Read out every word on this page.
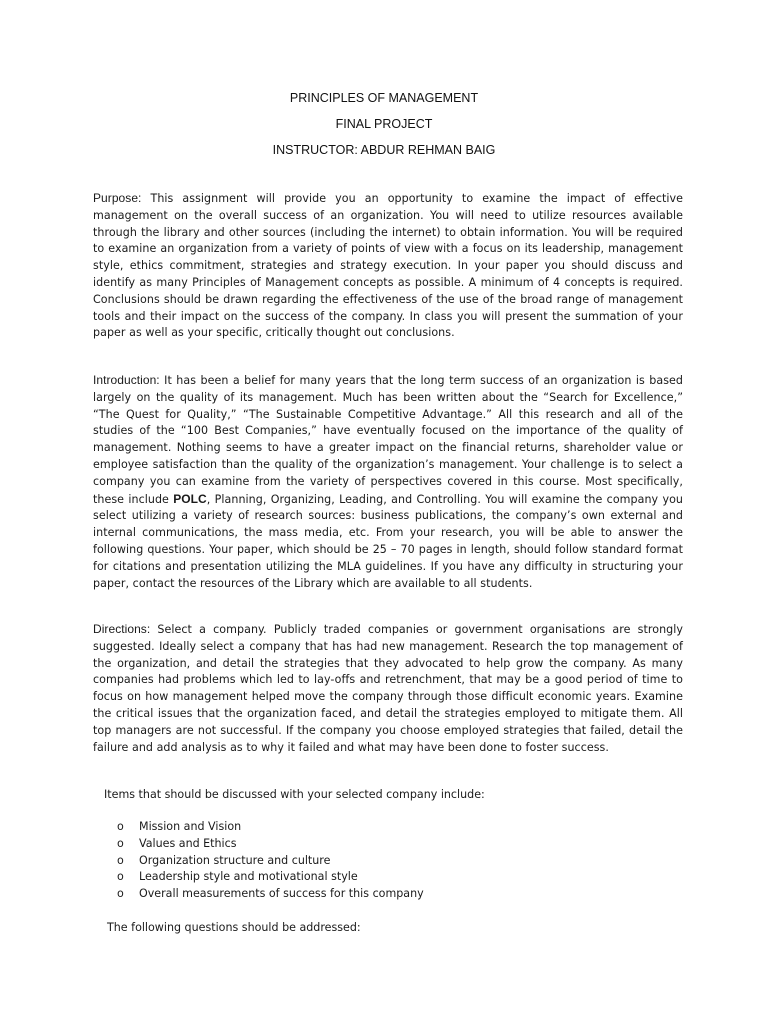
PRINCIPLES OF MANAGEMENT
FINAL PROJECT
INSTRUCTOR: ABDUR REHMAN BAIG

Purpose: This assignment will provide you an opportunity to examine the impact of effective management on the overall success of an organization. You will need to utilize resources available through the library and other sources (including the internet) to obtain information. You will be required to examine an organization from a variety of points of view with a focus on its leadership, management style, ethics commitment, strategies and strategy execution. In your paper you should discuss and identify as many Principles of Management concepts as possible. A minimum of 4 concepts is required. Conclusions should be drawn regarding the effectiveness of the use of the broad range of management tools and their impact on the success of the company. In class you will present the summation of your paper as well as your specific, critically thought out conclusions.

Introduction: It has been a belief for many years that the long term success of an organization is based largely on the quality of its management. Much has been written about the “Search for Excellence,” “The Quest for Quality,” “The Sustainable Competitive Advantage.” All this research and all of the studies of the “100 Best Companies,” have eventually focused on the importance of the quality of management. Nothing seems to have a greater impact on the financial returns, shareholder value or employee satisfaction than the quality of the organization’s management. Your challenge is to select a company you can examine from the variety of perspectives covered in this course. Most specifically, these include POLC, Planning, Organizing, Leading, and Controlling. You will examine the company you select utilizing a variety of research sources: business publications, the company’s own external and internal communications, the mass media, etc. From your research, you will be able to answer the following questions. Your paper, which should be 25 – 70 pages in length, should follow standard format for citations and presentation utilizing the MLA guidelines. If you have any difficulty in structuring your paper, contact the resources of the Library which are available to all students.

Directions: Select a company. Publicly traded companies or government organisations are strongly suggested. Ideally select a company that has had new management. Research the top management of the organization, and detail the strategies that they advocated to help grow the company. As many companies had problems which led to lay-offs and retrenchment, that may be a good period of time to focus on how management helped move the company through those difficult economic years. Examine the critical issues that the organization faced, and detail the strategies employed to mitigate them. All top managers are not successful. If the company you choose employed strategies that failed, detail the failure and add analysis as to why it failed and what may have been done to foster success.

Items that should be discussed with your selected company include:
o	Mission and Vision
o	Values and Ethics
o	Organization structure and culture
o	Leadership style and motivational style
o	Overall measurements of success for this company
The following questions should be addressed:
